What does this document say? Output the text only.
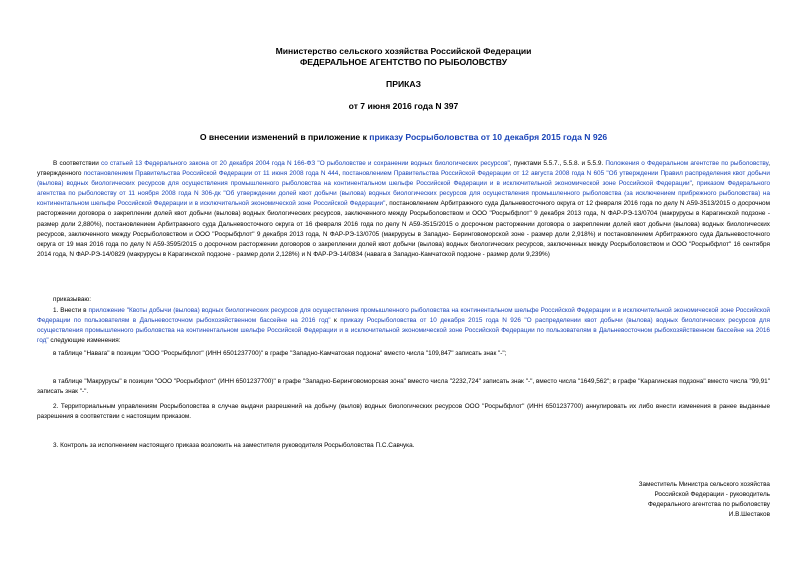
Министерство сельского хозяйства Российской Федерации
ФЕДЕРАЛЬНОЕ АГЕНТСТВО ПО РЫБОЛОВСТВУ
ПРИКАЗ
от 7 июня 2016 года N 397
О внесении изменений в приложение к приказу Росрыболовства от 10 декабря 2015 года N 926

В соответствии со статьей 13 Федерального закона от 20 декабря 2004 года N 166-ФЗ "О рыболовстве и сохранении водных биологических ресурсов", пунктами 5.5.7., 5.5.8. и 5.5.9. Положения о Федеральном агентстве по рыболовству, утвержденного постановлением Правительства Российской Федерации от 11 июня 2008 года N 444, постановлением Правительства Российской Федерации от 12 августа 2008 года N 605 "Об утверждении Правил распределения квот добычи (вылова) водных биологических ресурсов для осуществления промышленного рыболовства на континентальном шельфе Российской Федерации и в исключительной экономической зоне Российской Федерации", приказом Федерального агентства по рыболовству от 11 ноября 2008 года N 306-дк "Об утверждении долей квот добычи (вылова) водных биологических ресурсов для осуществления промышленного рыболовства (за исключением прибрежного рыболовства) на континентальном шельфе Российской Федерации и в исключительной экономической зоне Российской Федерации", постановлением Арбитражного суда Дальневосточного округа от 12 февраля 2016 года по делу N А59-3513/2015 о досрочном расторжении договора о закреплении долей квот добычи (вылова) водных биологических ресурсов, заключенного между Росрыболовством и ООО "Росрыбфлот" 9 декабря 2013 года, N ФАР-РЭ-13/0704 (макрурусы в Карагинской подзоне - размер доли 2,880%), постановлением Арбитражного суда Дальневосточного округа от 16 февраля 2016 года по делу N А59-3515/2015 о досрочном расторжении договора о закреплении долей квот добычи (вылова) водных биологических ресурсов, заключенного между Росрыболовством и ООО "Росрыбфлот" 9 декабря 2013 года, N ФАР-РЭ-13/0705 (макрурусы в Западно- Беринговоморской зоне - размер доли 2,918%) и постановлением Арбитражного суда Дальневосточного округа от 19 мая 2016 года по делу N А59-3595/2015 о досрочном расторжении договоров о закреплении долей квот добычи (вылова) водных биологических ресурсов, заключенных между Росрыболовством и ООО "Росрыбфлот" 16 сентября 2014 года, N ФАР-РЭ-14/0829 (макрурусы в Карагинской подзоне - размер доли 2,128%) и N ФАР-РЭ-14/0834 (навага в Западно-Камчатской подзоне - размер доли 9,239%)

приказываю:

1. Внести в приложение "Квоты добычи (вылова) водных биологических ресурсов для осуществления промышленного рыболовства на континентальном шельфе Российской Федерации и в исключительной экономической зоне Российской Федерации по пользователям в Дальневосточном рыбохозяйственном бассейне на 2016 год" к приказу Росрыболовства от 10 декабря 2015 года N 926 "О распределении квот добычи (вылова) водных биологических ресурсов для осуществления промышленного рыболовства на континентальном шельфе Российской Федерации и в исключительной экономической зоне Российской Федерации по пользователям в Дальневосточном рыбохозяйственном бассейне на 2016 год" следующие изменения:

в таблице "Навага" в позиции "ООО "Росрыбфлот" (ИНН 6501237700)" в графе "Западно-Камчатская подзона" вместо числа "109,847" записать знак "-";

в таблице "Макрурусы" в позиции "ООО "Росрыбфлот" (ИНН 6501237700)" в графе "Западно-Беринговоморская зона" вместо числа "2232,724" записать знак "-", вместо числа "1649,562"; в графе "Карагинская подзона" вместо числа "99,91" записать знак "-".

2. Территориальным управлениям Росрыболовства в случае выдачи разрешений на добычу (вылов) водных биологических ресурсов ООО "Росрыбфлот" (ИНН 6501237700) аннулировать их либо внести изменения в ранее выданные разрешения в соответствии с настоящим приказом.

3. Контроль за исполнением настоящего приказа возложить на заместителя руководителя Росрыболовства П.С.Савчука.

Заместитель Министра сельского хозяйства
Российской Федерации - руководитель
Федерального агентства по рыболовству
И.В.Шестаков
